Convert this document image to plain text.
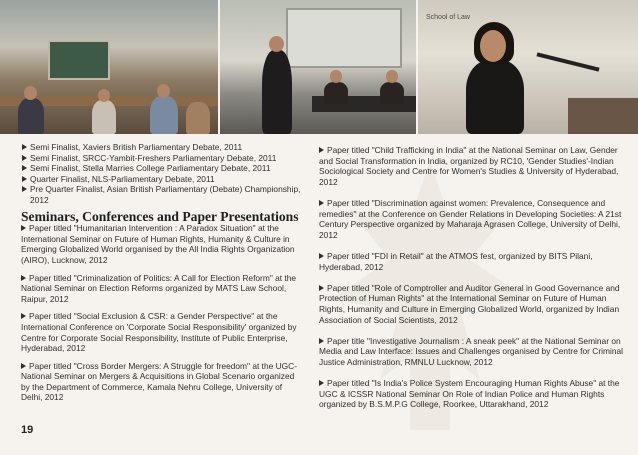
School of Law
Semi Finalist, Xaviers British Parliamentary Debate, 2011
Semi Finalist, SRCC-Yambit-Freshers Parliamentary Debate, 2011
Semi Finalist, Stella Marries College Parliamentary Debate, 2011
Quarter Finalist, NLS-Parliamentary Debate, 2011
Pre Quarter Finalist, Asian British Parliamentary (Debate) Championship, 2012
Seminars, Conferences and Paper Presentations
Paper titled "Humanitarian Intervention : A Paradox Situation" at the International Seminar on Future of Human Rights, Humanity & Culture in Emerging Globalized World organised by the All India Rights Organization (AIRO), Lucknow, 2012
Paper titled "Criminalization of Politics: A Call for Election Reform" at the National Seminar on Election Reforms organized by MATS Law School, Raipur, 2012
Paper titled "Social Exclusion & CSR: a Gender Perspective" at the International Conference on 'Corporate Social Responsibility' organized by Centre for Corporate Social Responsibility, Institute of Public Enterprise, Hyderabad, 2012
Paper titled "Cross Border Mergers: A Struggle for freedom" at the UGC- National Seminar on Mergers & Acquisitions in Global Scenario organized by the Department of Commerce, Kamala Nehru College, University of Delhi, 2012
Paper titled "Child Trafficking in India" at the National Seminar on Law, Gender and Social Transformation in India, organized by RC10, 'Gender Studies'-Indian Sociological Society and Centre for Women's Studies & University of Hyderabad, 2012
Paper titled "Discrimination against women: Prevalence, Consequence and remedies" at the Conference on Gender Relations in Developing Societies: A 21st Century Perspective organized by Maharaja Agrasen College, University of Delhi, 2012
Paper titled "FDI in Retail" at the ATMOS fest, organized by BITS Pilani, Hyderabad, 2012
Paper titled "Role of Comptroller and Auditor General in Good Governance and Protection of Human Rights" at the International Seminar on Future of Human Rights, Humanity and Culture in Emerging Globalized World, organized by Indian Association of Social Scientists, 2012
Paper title "Investigative Journalism : A sneak peek" at the National Seminar on Media and Law Interface: Issues and Challenges organised by Centre for Criminal Justice Administration, RMNLU Lucknow, 2012
Paper titled "Is India's Police System Encouraging Human Rights Abuse" at the UGC & ICSSR National Seminar On Role of Indian Police and Human Rights organized by B.S.M.P.G College, Roorkee, Uttarakhand, 2012
19
